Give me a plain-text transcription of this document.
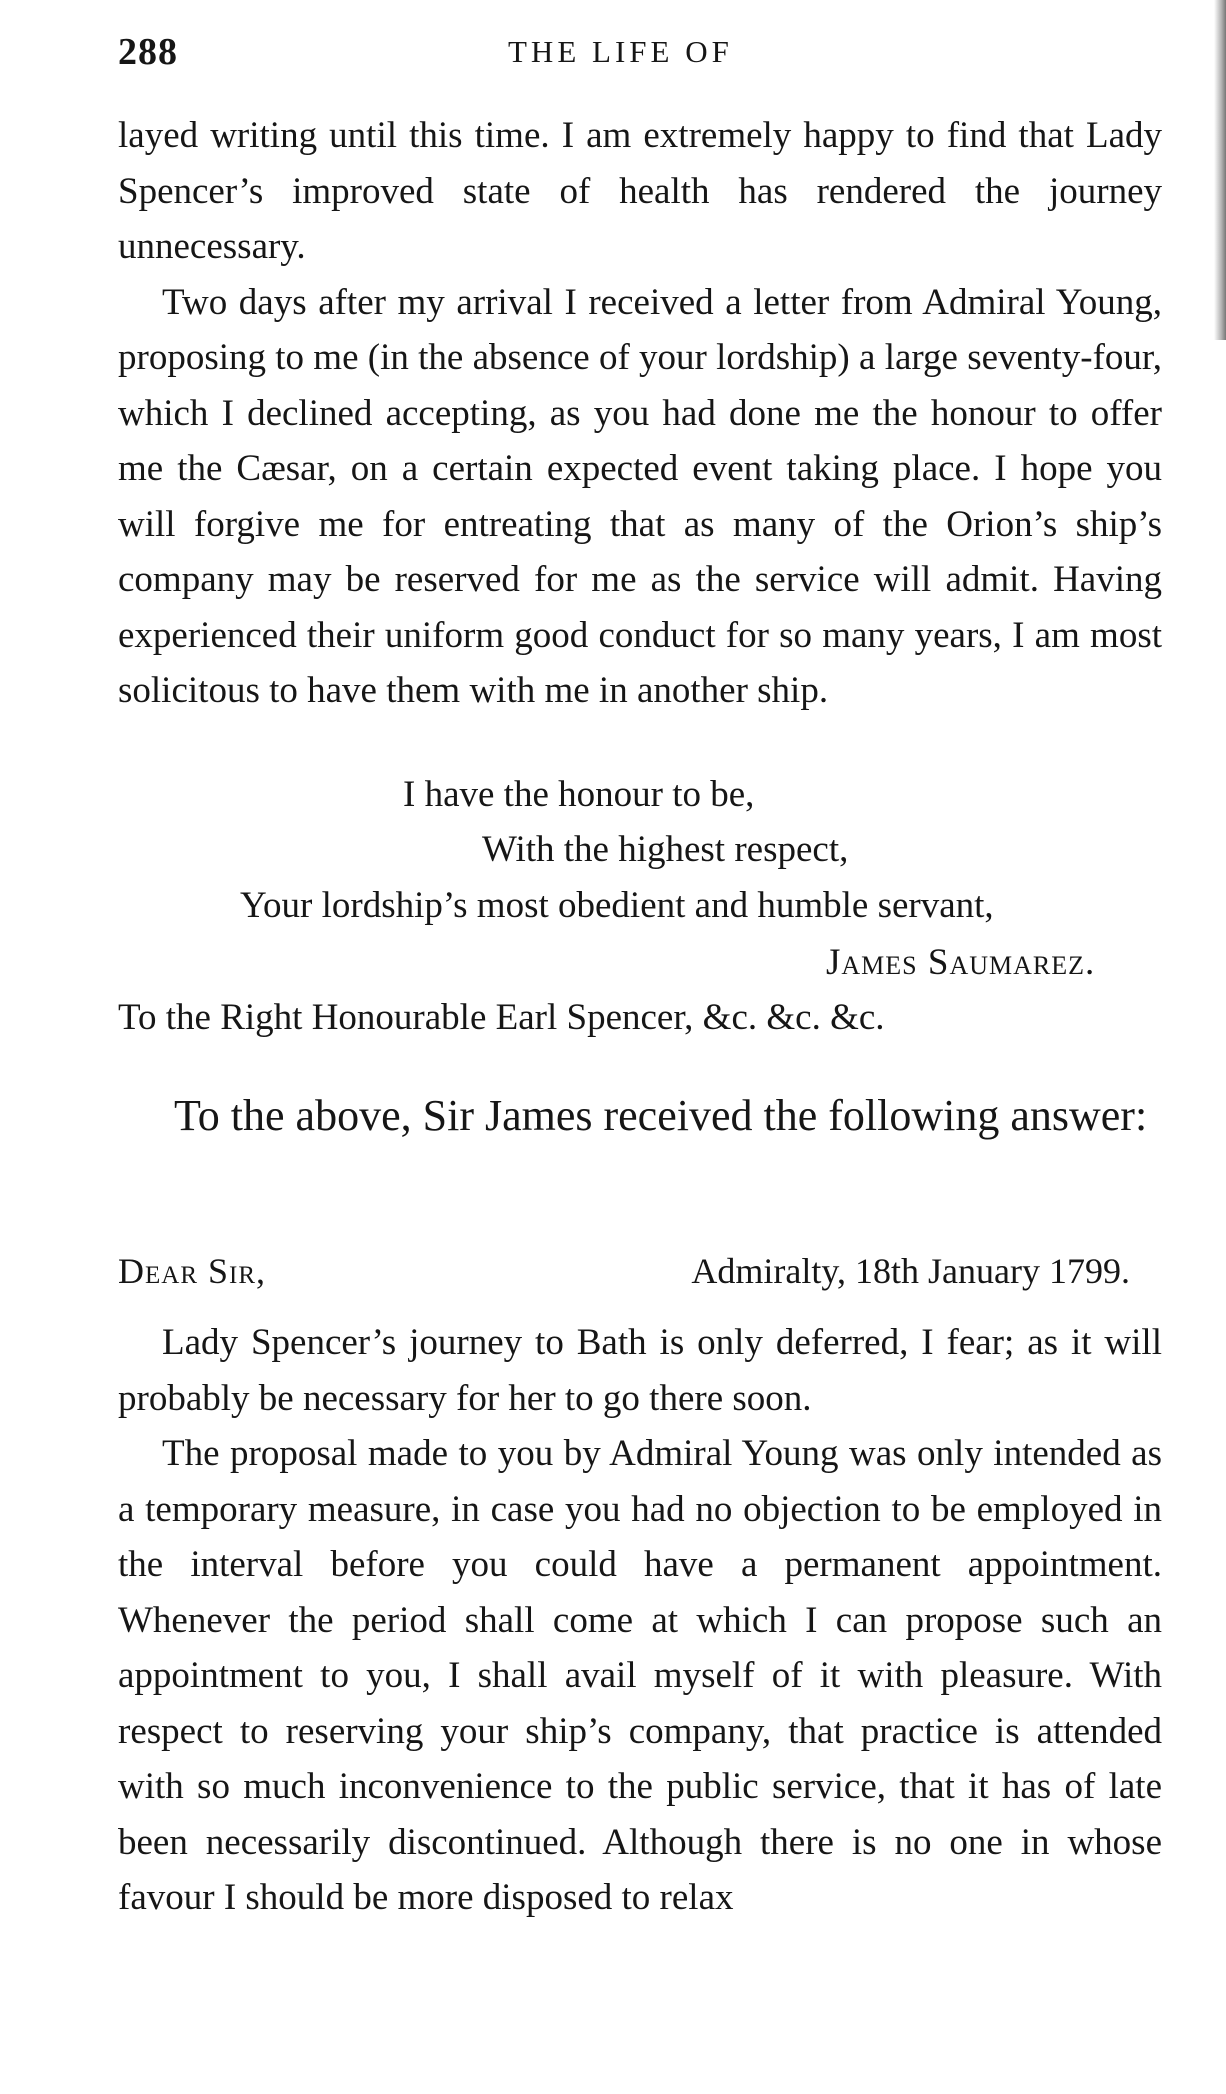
288	THE LIFE OF

layed writing until this time. I am extremely happy to find that Lady Spencer’s improved state of health has rendered the journey unnecessary.

Two days after my arrival I received a letter from Admiral Young, proposing to me (in the absence of your lordship) a large seventy-four, which I declined accepting, as you had done me the honour to offer me the Cæsar, on a certain expected event taking place. I hope you will forgive me for entreating that as many of the Orion’s ship’s company may be reserved for me as the service will admit. Having experienced their uniform good conduct for so many years, I am most solicitous to have them with me in another ship.

I have the honour to be,
With the highest respect,
Your lordship’s most obedient and humble servant,
James Saumarez.
To the Right Honourable Earl Spencer, &c. &c. &c.
To the above, Sir James received the following answer:
Dear Sir,	Admiralty, 18th January 1799.

Lady Spencer’s journey to Bath is only deferred, I fear; as it will probably be necessary for her to go there soon.

The proposal made to you by Admiral Young was only intended as a temporary measure, in case you had no objection to be employed in the interval before you could have a permanent appointment. Whenever the period shall come at which I can propose such an appointment to you, I shall avail myself of it with pleasure. With respect to reserving your ship’s company, that practice is attended with so much inconvenience to the public service, that it has of late been necessarily discontinued. Although there is no one in whose favour I should be more disposed to relax
